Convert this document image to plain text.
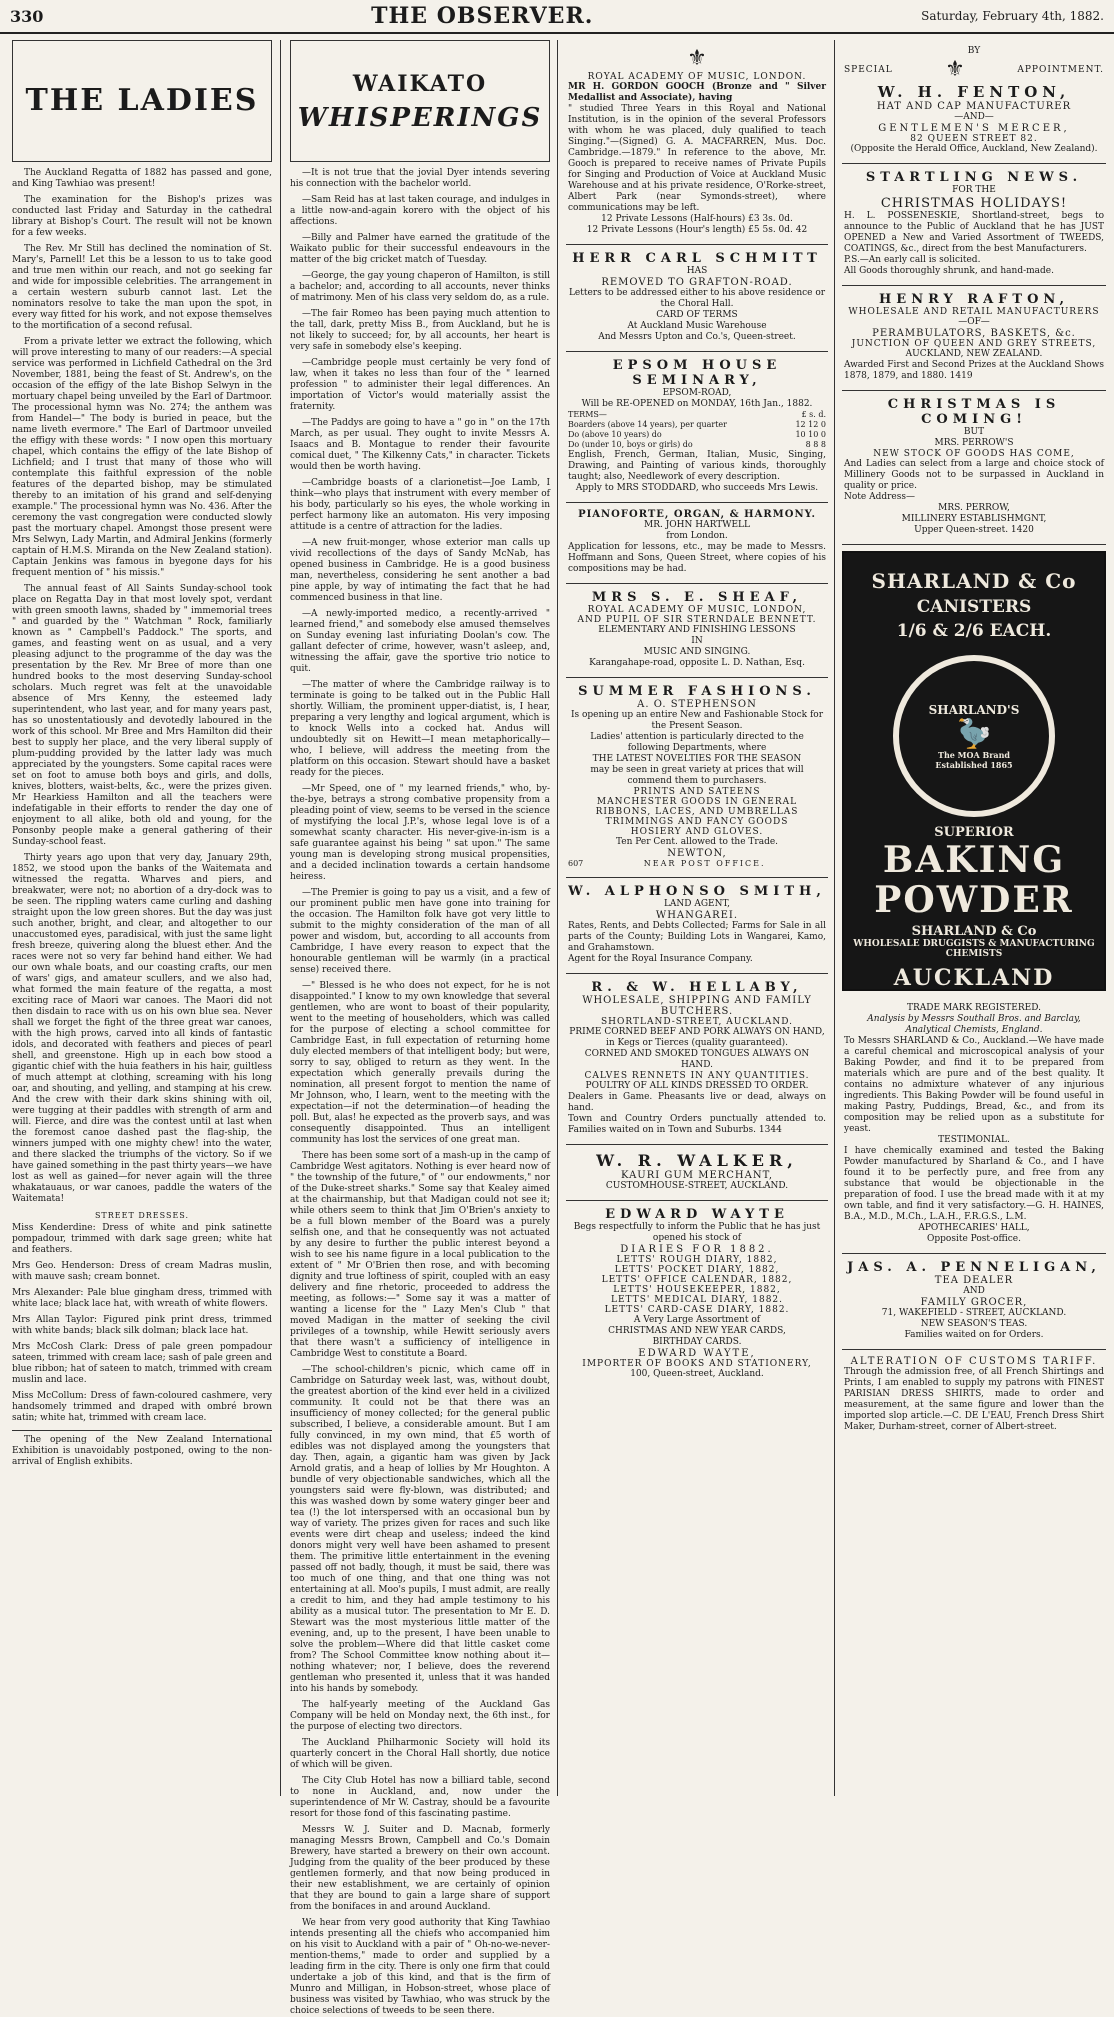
330	THE OBSERVER.	Saturday, February 4th, 1882.
THE LADIES

The Auckland Regatta of 1882 has passed and gone, and King Tawhiao was present!

The examination for the Bishop's prizes was conducted last Friday and Saturday in the cathedral library at Bishop's Court. The result will not be known for a few weeks.

The Rev. Mr Still has declined the nomination of St. Mary's, Parnell! Let this be a lesson to us to take good and true men within our reach, and not go seeking far and wide for impossible celebrities. The arrangement in a certain western suburb cannot last. Let the nominators resolve to take the man upon the spot, in every way fitted for his work, and not expose themselves to the mortification of a second refusal.

From a private letter we extract the following, which will prove interesting to many of our readers:—A special service was performed in Lichfield Cathedral on the 3rd November, 1881, being the feast of St. Andrew's, on the occasion of the effigy of the late Bishop Selwyn in the mortuary chapel being unveiled by the Earl of Dartmoor. The processional hymn was No. 274; the anthem was from Handel—" The body is buried in peace, but the name liveth evermore." The Earl of Dartmoor unveiled the effigy with these words: " I now open this mortuary chapel, which contains the effigy of the late Bishop of Lichfield; and I trust that many of those who will contemplate this faithful expression of the noble features of the departed bishop, may be stimulated thereby to an imitation of his grand and self-denying example." The processional hymn was No. 436. After the ceremony the vast congregation were conducted slowly past the mortuary chapel. Amongst those present were Mrs Selwyn, Lady Martin, and Admiral Jenkins (formerly captain of H.M.S. Miranda on the New Zealand station). Captain Jenkins was famous in byegone days for his frequent mention of " his missis."

The annual feast of All Saints Sunday-school took place on Regatta Day in that most lovely spot, verdant with green smooth lawns, shaded by " immemorial trees " and guarded by the " Watchman " Rock, familiarly known as " Campbell's Paddock." The sports, and games, and feasting went on as usual, and a very pleasing adjunct to the programme of the day was the presentation by the Rev. Mr Bree of more than one hundred books to the most deserving Sunday-school scholars. Much regret was felt at the unavoidable absence of Mrs Kenny, the esteemed lady superintendent, who last year, and for many years past, has so unostentatiously and devotedly laboured in the work of this school. Mr Bree and Mrs Hamilton did their best to supply her place, and the very liberal supply of plum-pudding provided by the latter lady was much appreciated by the youngsters. Some capital races were set on foot to amuse both boys and girls, and dolls, knives, blotters, waist-belts, &c., were the prizes given. Mr Hearkiess Hamilton and all the teachers were indefatigable in their efforts to render the day one of enjoyment to all alike, both old and young, for the Ponsonby people make a general gathering of their Sunday-school feast.

Thirty years ago upon that very day, January 29th, 1852, we stood upon the banks of the Waitemata and witnessed the regatta. Wharves and piers, and breakwater, were not; no abortion of a dry-dock was to be seen. The rippling waters came curling and dashing straight upon the low green shores. But the day was just such another, bright, and clear, and altogether to our unaccustomed eyes, paradisical, with just the same light fresh breeze, quivering along the bluest ether. And the races were not so very far behind hand either. We had our own whale boats, and our coasting crafts, our men of wars' gigs, and amateur scullers, and we also had, what formed the main feature of the regatta, a most exciting race of Maori war canoes. The Maori did not then disdain to race with us on his own blue sea. Never shall we forget the fight of the three great war canoes, with the high prows, carved into all kinds of fantastic idols, and decorated with feathers and pieces of pearl shell, and greenstone. High up in each bow stood a gigantic chief with the huia feathers in his hair, guiltless of much attempt at clothing, screaming with his long oar, and shouting, and yelling, and stamping at his crew. And the crew with their dark skins shining with oil, were tugging at their paddles with strength of arm and will. Fierce, and dire was the contest until at last when the foremost canoe dashed past the flag-ship, the winners jumped with one mighty chew! into the water, and there slacked the triumphs of the victory. So if we have gained something in the past thirty years—we have lost as well as gained—for never again will the three whakatauaus, or war canoes, paddle the waters of the Waitemata!

STREET DRESSES.

Miss Kenderdine: Dress of white and pink satinette pompadour, trimmed with dark sage green; white hat and feathers.

Mrs Geo. Henderson: Dress of cream Madras muslin, with mauve sash; cream bonnet.

Mrs Alexander: Pale blue gingham dress, trimmed with white lace; black lace hat, with wreath of white flowers.

Mrs Allan Taylor: Figured pink print dress, trimmed with white bands; black silk dolman; black lace hat.

Mrs McCosh Clark: Dress of pale green pompadour sateen, trimmed with cream lace; sash of pale green and blue ribbon; hat of sateen to match, trimmed with cream muslin and lace.

Miss McCollum: Dress of fawn-coloured cashmere, very handsomely trimmed and draped with ombré brown satin; white hat, trimmed with cream lace.

The opening of the New Zealand International Exhibition is unavoidably postponed, owing to the non-arrival of English exhibits.

WAIKATO
WHISPERINGS

—It is not true that the jovial Dyer intends severing his connection with the bachelor world.

—Sam Reid has at last taken courage, and indulges in a little now-and-again korero with the object of his affections.

—Billy and Palmer have earned the gratitude of the Waikato public for their successful endeavours in the matter of the big cricket match of Tuesday.

—George, the gay young chaperon of Hamilton, is still a bachelor; and, according to all accounts, never thinks of matrimony. Men of his class very seldom do, as a rule.

—The fair Romeo has been paying much attention to the tall, dark, pretty Miss B., from Auckland, but he is not likely to succeed; for, by all accounts, her heart is very safe in somebody else's keeping.

—Cambridge people must certainly be very fond of law, when it takes no less than four of the " learned profession " to administer their legal differences. An importation of Victor's would materially assist the fraternity.

—The Paddys are going to have a " go in " on the 17th March, as per usual. They ought to invite Messrs A. Isaacs and B. Montague to render their favourite comical duet, " The Kilkenny Cats," in character. Tickets would then be worth having.

—Cambridge boasts of a clarionetist—Joe Lamb, I think—who plays that instrument with every member of his body, particularly so his eyes, the whole working in perfect harmony like an automaton. His very imposing attitude is a centre of attraction for the ladies.

—A new fruit-monger, whose exterior man calls up vivid recollections of the days of Sandy McNab, has opened business in Cambridge. He is a good business man, nevertheless, considering he sent another a bad pine apple, by way of intimating the fact that he had commenced business in that line.

—A newly-imported medico, a recently-arrived " learned friend," and somebody else amused themselves on Sunday evening last infuriating Doolan's cow. The gallant defecter of crime, however, wasn't asleep, and, witnessing the affair, gave the sportive trio notice to quit.

—The matter of where the Cambridge railway is to terminate is going to be talked out in the Public Hall shortly. William, the prominent upper-diatist, is, I hear, preparing a very lengthy and logical argument, which is to knock Wells into a cocked hat. Andus will undoubtedly sit on Hewitt—I mean metaphorically—who, I believe, will address the meeting from the platform on this occasion. Stewart should have a basket ready for the pieces.

—Mr Speed, one of " my learned friends," who, by-the-bye, betrays a strong combative propensity from a pleading point of view, seems to be versed in the science of mystifying the local J.P.'s, whose legal love is of a somewhat scanty character. His never-give-in-ism is a safe guarantee against his being " sat upon." The same young man is developing strong musical propensities, and a decided inclination towards a certain handsome heiress.

—The Premier is going to pay us a visit, and a few of our prominent public men have gone into training for the occasion. The Hamilton folk have got very little to submit to the mighty consideration of the man of all power and wisdom, but, according to all accounts from Cambridge, I have every reason to expect that the honourable gentleman will be warmly (in a practical sense) received there.

—" Blessed is he who does not expect, for he is not disappointed." I know to my own knowledge that several gentlemen, who are wont to boast of their popularity, went to the meeting of householders, which was called for the purpose of electing a school committee for Cambridge East, in full expectation of returning home duly elected members of that intelligent body; but were, sorry to say, obliged to return as they went. In the expectation which generally prevails during the nomination, all present forgot to mention the name of Mr Johnson, who, I learn, went to the meeting with the expectation—if not the determination—of heading the poll. But, alas! he expected as the proverb says, and was consequently disappointed. Thus an intelligent community has lost the services of one great man.

There has been some sort of a mash-up in the camp of Cambridge West agitators. Nothing is ever heard now of " the township of the future," of " our endowments," nor of the Duke-street sharks." Some say that Kealey aimed at the chairmanship, but that Madigan could not see it; while others seem to think that Jim O'Brien's anxiety to be a full blown member of the Board was a purely selfish one, and that he consequently was not actuated by any desire to further the public interest beyond a wish to see his name figure in a local publication to the extent of " Mr O'Brien then rose, and with becoming dignity and true loftiness of spirit, coupled with an easy delivery and fine rhetoric, proceeded to address the meeting, as follows:—" Some say it was a matter of wanting a license for the " Lazy Men's Club " that moved Madigan in the matter of seeking the civil privileges of a township, while Hewitt seriously avers that there wasn't a sufficiency of intelligence in Cambridge West to constitute a Board.

—The school-children's picnic, which came off in Cambridge on Saturday week last, was, without doubt, the greatest abortion of the kind ever held in a civilized community. It could not be that there was an insufficiency of money collected; for the general public subscribed, I believe, a considerable amount. But I am fully convinced, in my own mind, that £5 worth of edibles was not displayed among the youngsters that day. Then, again, a gigantic ham was given by Jack Arnold gratis, and a heap of lollies by Mr Houghton. A bundle of very objectionable sandwiches, which all the youngsters said were fly-blown, was distributed; and this was washed down by some watery ginger beer and tea (!) the lot interspersed with an occasional bun by way of variety. The prizes given for races and such like events were dirt cheap and useless; indeed the kind donors might very well have been ashamed to present them. The primitive little entertainment in the evening passed off not badly, though, it must be said, there was too much of one thing, and that one thing was not entertaining at all. Moo's pupils, I must admit, are really a credit to him, and they had ample testimony to his ability as a musical tutor. The presentation to Mr E. D. Stewart was the most mysterious little matter of the evening, and, up to the present, I have been unable to solve the problem—Where did that little casket come from? The School Committee know nothing about it—nothing whatever; nor, I believe, does the reverend gentleman who presented it, unless that it was handed into his hands by somebody.

The half-yearly meeting of the Auckland Gas Company will be held on Monday next, the 6th inst., for the purpose of electing two directors.

The Auckland Philharmonic Society will hold its quarterly concert in the Choral Hall shortly, due notice of which will be given.

The City Club Hotel has now a billiard table, second to none in Auckland, and, now under the superintendence of Mr W. Castray, should be a favourite resort for those fond of this fascinating pastime.

Messrs W. J. Suiter and D. Macnab, formerly managing Messrs Brown, Campbell and Co.'s Domain Brewery, have started a brewery on their own account. Judging from the quality of the beer produced by these gentlemen formerly, and that now being produced in their new establishment, we are certainly of opinion that they are bound to gain a large share of support from the bonifaces in and around Auckland.

We hear from very good authority that King Tawhiao intends presenting all the chiefs who accompanied him on his visit to Auckland with a pair of " Oh-no-we-never-mention-thems," made to order and supplied by a leading firm in the city. There is only one firm that could undertake a job of this kind, and that is the firm of Munro and Milligan, in Hobson-street, whose place of business was visited by Tawhiao, who was struck by the choice selections of tweeds to be seen there.

⚜
ROYAL ACADEMY OF MUSIC, LONDON.
MR H. GORDON GOOCH (Bronze and " Silver Medallist and Associate), having
" studied Three Years in this Royal and National Institution, is in the opinion of the several Professors with whom he was placed, duly qualified to teach Singing."—(Signed) G. A. MACFARREN, Mus. Doc. Cambridge.—1879." In reference to the above, Mr. Gooch is prepared to receive names of Private Pupils for Singing and Production of Voice at Auckland Music Warehouse and at his private residence, O'Rorke-street, Albert Park (near Symonds-street), where communications may be left.
12 Private Lessons (Half-hours) £3 3s. 0d.
12 Private Lessons (Hour's length) £5 5s. 0d. 42
HERR CARL SCHMITT
HAS
REMOVED TO GRAFTON-ROAD.
Letters to be addressed either to his above residence or the Choral Hall.
CARD OF TERMS
At Auckland Music Warehouse
And Messrs Upton and Co.'s, Queen-street.
EPSOM HOUSE SEMINARY,
EPSOM-ROAD,
Will be RE-OPENED on MONDAY, 16th Jan., 1882.
TERMS—	£ s. d.
Boarders (above 14 years), per quarter	12 12 0
Do (above 10 years) do	10 10 0
Do (under 10, boys or girls) do	8 8 8
English, French, German, Italian, Music, Singing, Drawing, and Painting of various kinds, thoroughly taught; also, Needlework of every description.
Apply to MRS STODDARD, who succeeds Mrs Lewis.
PIANOFORTE, ORGAN, & HARMONY.
MR. JOHN HARTWELL
from London.
Application for lessons, etc., may be made to Messrs. Hoffmann and Sons, Queen Street, where copies of his compositions may be had.
MRS S. E. SHEAF,
ROYAL ACADEMY OF MUSIC, LONDON,
AND PUPIL OF SIR STERNDALE BENNETT.
ELEMENTARY AND FINISHING LESSONS
IN
MUSIC AND SINGING.
Karangahape-road, opposite L. D. Nathan, Esq.
SUMMER FASHIONS.
A. O. STEPHENSON
Is opening up an entire New and Fashionable Stock for the Present Season.
Ladies' attention is particularly directed to the following Departments, where
THE LATEST NOVELTIES FOR THE SEASON
may be seen in great variety at prices that will commend them to purchasers.
PRINTS AND SATEENS
MANCHESTER GOODS IN GENERAL
RIBBONS, LACES, AND UMBRELLAS
TRIMMINGS AND FANCY GOODS
HOSIERY AND GLOVES.
Ten Per Cent. allowed to the Trade.
NEWTON,
607	NEAR POST OFFICE.
W. ALPHONSO SMITH,
LAND AGENT,
WHANGAREI.
Rates, Rents, and Debts Collected; Farms for Sale in all parts of the County; Building Lots in Wangarei, Kamo, and Grahamstown.
Agent for the Royal Insurance Company.
R. & W. HELLABY,
WHOLESALE, SHIPPING AND FAMILY
BUTCHERS.
SHORTLAND-STREET, AUCKLAND.
PRIME CORNED BEEF AND PORK ALWAYS ON HAND, in Kegs or Tierces (quality guaranteed).
CORNED AND SMOKED TONGUES ALWAYS ON HAND.
CALVES RENNETS IN ANY QUANTITIES.
POULTRY OF ALL KINDS DRESSED TO ORDER.
Dealers in Game. Pheasants live or dead, always on hand.
Town and Country Orders punctually attended to. Families waited on in Town and Suburbs. 1344
W. R. WALKER,
KAURI GUM MERCHANT,
CUSTOMHOUSE-STREET, AUCKLAND.
EDWARD WAYTE
Begs respectfully to inform the Public that he has just opened his stock of
DIARIES FOR 1882.
LETTS' ROUGH DIARY, 1882,
LETTS' POCKET DIARY, 1882,
LETTS' OFFICE CALENDAR, 1882,
LETTS' HOUSEKEEPER, 1882,
LETTS' MEDICAL DIARY, 1882.
LETTS' CARD-CASE DIARY, 1882.
A Very Large Assortment of
CHRISTMAS AND NEW YEAR CARDS,
BIRTHDAY CARDS.
EDWARD WAYTE,
IMPORTER OF BOOKS AND STATIONERY,
100, Queen-street, Auckland.
BY
SPECIAL ⚜	APPOINTMENT.
W. H. FENTON,
HAT AND CAP MANUFACTURER
—AND—
GENTLEMEN'S MERCER,
82 QUEEN STREET 82.
(Opposite the Herald Office, Auckland, New Zealand).
STARTLING NEWS.
FOR THE
CHRISTMAS HOLIDAYS!
H. L. POSSENESKIE, Shortland-street, begs to announce to the Public of Auckland that he has JUST OPENED a New and Varied Assortment of TWEEDS, COATINGS, &c., direct from the best Manufacturers.
P.S.—An early call is solicited.
All Goods thoroughly shrunk, and hand-made.
HENRY RAFTON,
WHOLESALE AND RETAIL MANUFACTURERS
—OF—
PERAMBULATORS, BASKETS, &c.
JUNCTION OF QUEEN AND GREY STREETS,
AUCKLAND, NEW ZEALAND.
Awarded First and Second Prizes at the Auckland Shows 1878, 1879, and 1880. 1419
CHRISTMAS IS COMING!
BUT
MRS. PERROW'S
NEW STOCK OF GOODS HAS COME,
And Ladies can select from a large and choice stock of Millinery Goods not to be surpassed in Auckland in quality or price.
Note Address—
MRS. PERROW,
MILLINERY ESTABLISHMGNT,
Upper Queen-street. 1420
SHARLAND & Co
CANISTERS
1/6 & 2/6 EACH.
SHARLAND'S
🦤
The MOA Brand
Established 1865
SUPERIOR
BAKING
POWDER
SHARLAND & Co
WHOLESALE DRUGGISTS & MANUFACTURING CHEMISTS
AUCKLAND
TRADE MARK REGISTERED.
Analysis by Messrs Southall Bros. and Barclay, Analytical Chemists, England.
To Messrs SHARLAND & Co., Auckland.—We have made a careful chemical and microscopical analysis of your Baking Powder, and find it to be prepared from materials which are pure and of the best quality. It contains no admixture whatever of any injurious ingredients. This Baking Powder will be found useful in making Pastry, Puddings, Bread, &c., and from its composition may be relied upon as a substitute for yeast.
TESTIMONIAL.
I have chemically examined and tested the Baking Powder manufactured by Sharland & Co., and I have found it to be perfectly pure, and free from any substance that would be objectionable in the preparation of food. I use the bread made with it at my own table, and find it very satisfactory.—G. H. HAINES, B.A., M.D., M.Ch., L.A.H., F.R.G.S., L.M.
APOTHECARIES' HALL,
Opposite Post-office.
JAS. A. PENNELIGAN,
TEA DEALER
AND
FAMILY GROCER,
71, WAKEFIELD - STREET, AUCKLAND.
NEW SEASON'S TEAS.
Families waited on for Orders.
ALTERATION OF CUSTOMS TARIFF.
Through the admission free, of all French Shirtings and Prints, I am enabled to supply my patrons with FINEST PARISIAN DRESS SHIRTS, made to order and measurement, at the same figure and lower than the imported slop article.—C. DE L'EAU, French Dress Shirt Maker, Durham-street, corner of Albert-street.
